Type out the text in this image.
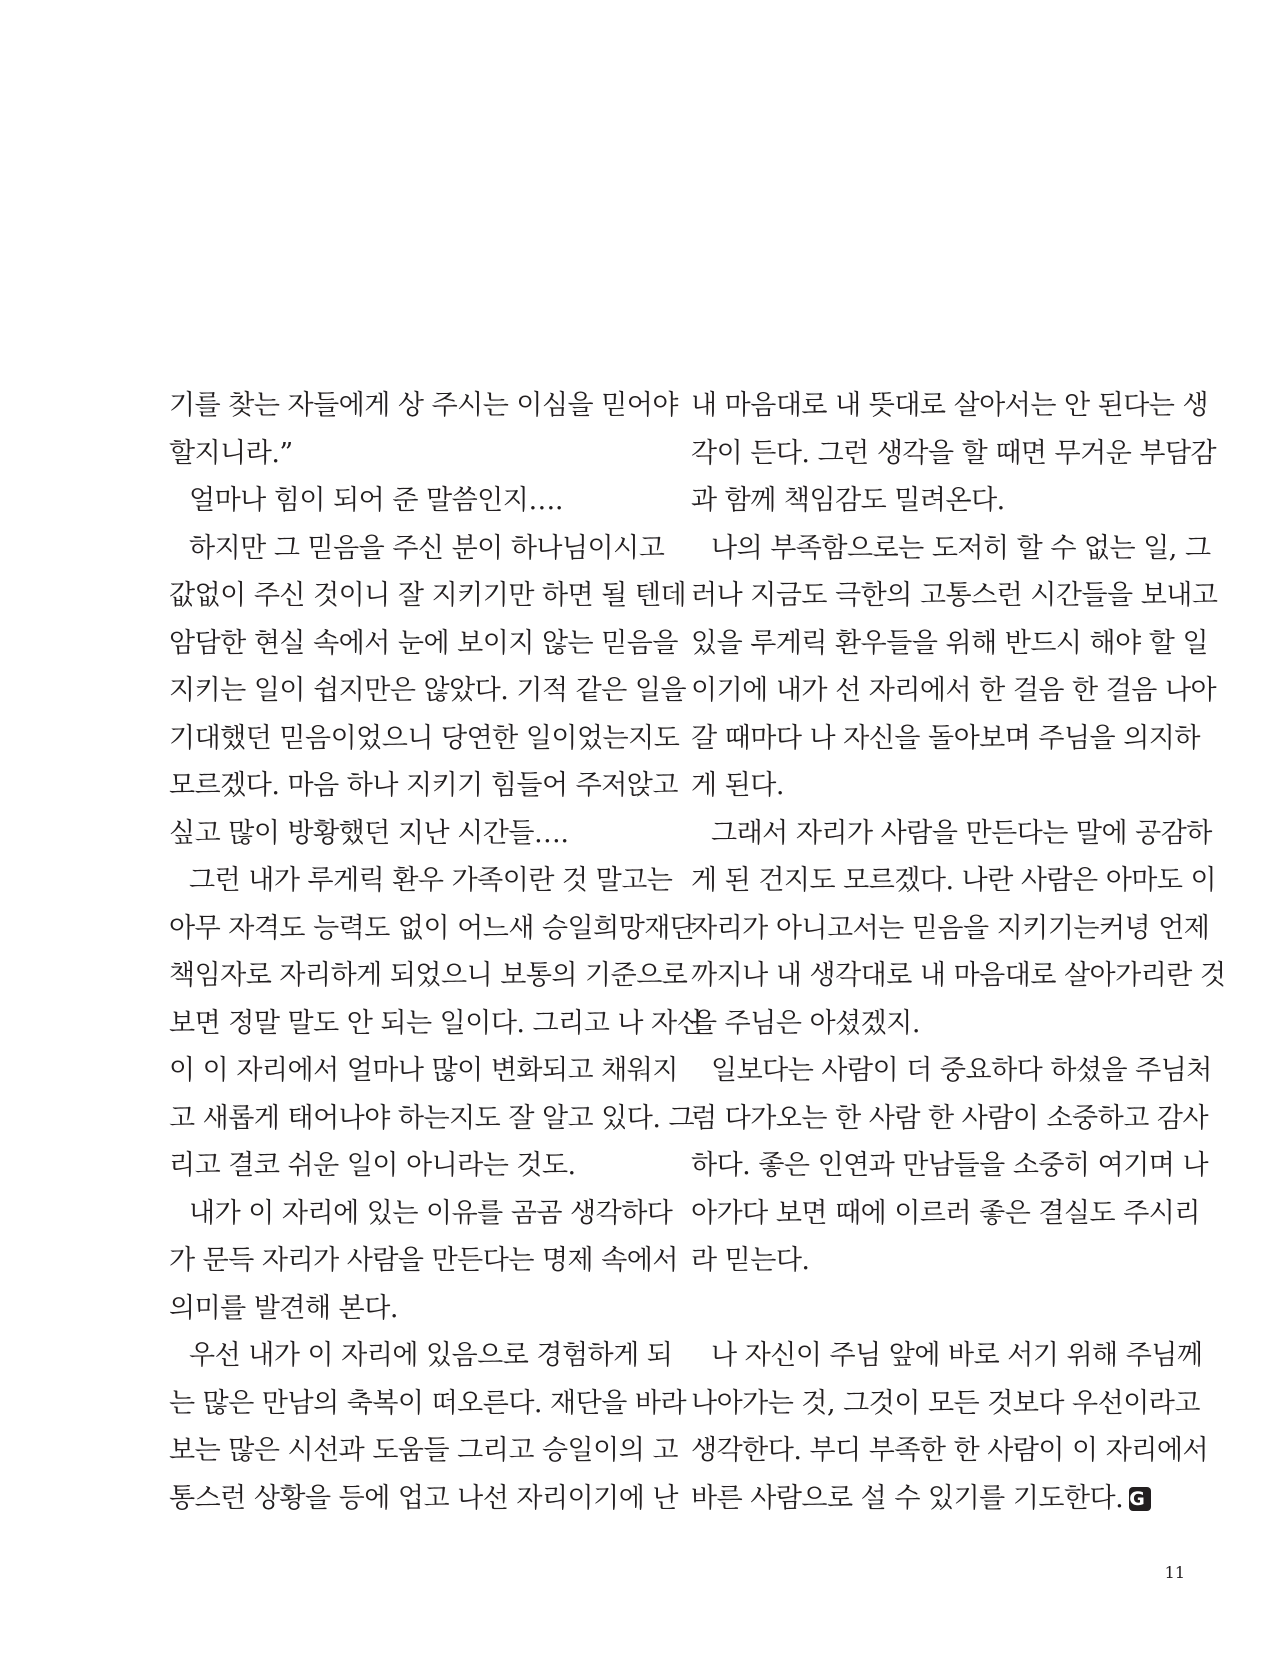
기를 찾는 자들에게 상 주시는 이심을 믿어야
할지니라.”
얼마나 힘이 되어 준 말씀인지….
하지만 그 믿음을 주신 분이 하나님이시고
값없이 주신 것이니 잘 지키기만 하면 될 텐데
암담한 현실 속에서 눈에 보이지 않는 믿음을
지키는 일이 쉽지만은 않았다. 기적 같은 일을
기대했던 믿음이었으니 당연한 일이었는지도
모르겠다. 마음 하나 지키기 힘들어 주저앉고
싶고 많이 방황했던 지난 시간들….
그런 내가 루게릭 환우 가족이란 것 말고는
아무 자격도 능력도 없이 어느새 승일희망재단
책임자로 자리하게 되었으니 보통의 기준으로
보면 정말 말도 안 되는 일이다. 그리고 나 자신
이 이 자리에서 얼마나 많이 변화되고 채워지
고 새롭게 태어나야 하는지도 잘 알고 있다. 그
리고 결코 쉬운 일이 아니라는 것도.
내가 이 자리에 있는 이유를 곰곰 생각하다
가 문득 자리가 사람을 만든다는 명제 속에서
의미를 발견해 본다.
우선 내가 이 자리에 있음으로 경험하게 되
는 많은 만남의 축복이 떠오른다. 재단을 바라
보는 많은 시선과 도움들 그리고 승일이의 고
통스런 상황을 등에 업고 나선 자리이기에 난
내 마음대로 내 뜻대로 살아서는 안 된다는 생
각이 든다. 그런 생각을 할 때면 무거운 부담감
과 함께 책임감도 밀려온다.
나의 부족함으로는 도저히 할 수 없는 일, 그
러나 지금도 극한의 고통스런 시간들을 보내고
있을 루게릭 환우들을 위해 반드시 해야 할 일
이기에 내가 선 자리에서 한 걸음 한 걸음 나아
갈 때마다 나 자신을 돌아보며 주님을 의지하
게 된다.
그래서 자리가 사람을 만든다는 말에 공감하
게 된 건지도 모르겠다. 나란 사람은 아마도 이
자리가 아니고서는 믿음을 지키기는커녕 언제
까지나 내 생각대로 내 마음대로 살아가리란 것
을 주님은 아셨겠지.
일보다는 사람이 더 중요하다 하셨을 주님처
럼 다가오는 한 사람 한 사람이 소중하고 감사
하다. 좋은 인연과 만남들을 소중히 여기며 나
아가다 보면 때에 이르러 좋은 결실도 주시리
라 믿는다.
나 자신이 주님 앞에 바로 서기 위해 주님께
나아가는 것, 그것이 모든 것보다 우선이라고
생각한다. 부디 부족한 한 사람이 이 자리에서
바른 사람으로 설 수 있기를 기도한다. G
11
